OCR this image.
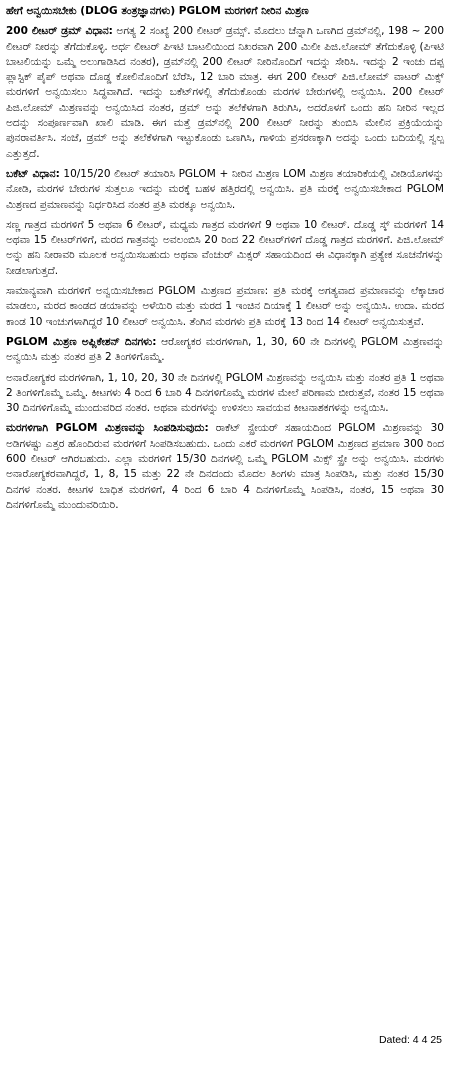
ಹೇಗೆ ಅನ್ವಯಿಸಬೇಕು (DLOG ತಂತ್ರಜ್ಞಾನಗಳು) PGLOM ಮರಗಳಿಗೆ ನೀರಿನ ಮಿಶ್ರಣ

200 ಲೀಟರ್ ಡ್ರಮ್ ವಿಧಾನ: ಅಗತ್ಯ 2 ಸಂಖ್ಯೆ 200 ಲೀಟರ್ ಡ್ರಮ್ಸ್. ಮೊದಲು ಚೆನ್ನಾಗಿ ಒಣಗಿದ ಡ್ರಮ್‌ನಲ್ಲಿ, 198 ~ 200 ಲೀಟರ್ ನೀರನ್ನು ತೆಗೆದುಕೊಳ್ಳಿ. ಅರ್ಧ ಲೀಟರ್ ಪಿಇಟಿ ಬಾಟಲಿಯಿಂದ ನಿಖರವಾಗಿ 200 ಮಿಲೀ ಪಿಜಿ.ಲೋಮ್ ತೆಗೆದುಕೊಳ್ಳಿ (ಪಿಇಟಿ ಬಾಟಲಿಯನ್ನು ಒಮ್ಮೆ ಅಲುಗಾಡಿಸಿದ ನಂತರ), ಡ್ರಮ್‌ನಲ್ಲಿ 200 ಲೀಟರ್ ನೀರಿನೊಂದಿಗೆ ಇದನ್ನು ಸೇರಿಸಿ. ಇದನ್ನು 2 ಇಂಚು ದಪ್ಪ ಪ್ಲಾಸ್ಟಿಕ್ ಪೈಪ್ ಅಥವಾ ದೊಡ್ಡ ಕೋಲಿನೊಂದಿಗೆ ಬೆರೆಸಿ, 12 ಬಾರಿ ಮಾತ್ರ. ಈಗ 200 ಲೀಟರ್ ಪಿಜಿ.ಲೋಮ್ ವಾಟರ್ ಮಿಕ್ಸ್ ಮರಗಳಿಗೆ ಅನ್ವಯಿಸಲು ಸಿದ್ಧವಾಗಿದೆ. ಇದನ್ನು ಬಕೆಟ್‌ಗಳಲ್ಲಿ ತೆಗೆದುಕೊಂಡು ಮರಗಳ ಬೇರುಗಳಲ್ಲಿ ಅನ್ವಯಿಸಿ. 200 ಲೀಟರ್ ಪಿಜಿ.ಲೋಮ್ ಮಿಶ್ರಣವನ್ನು ಅನ್ವಯಿಸಿದ ನಂತರ, ಡ್ರಮ್ ಅನ್ನು ತಲೆಕೆಳಗಾಗಿ ತಿರುಗಿಸಿ, ಅದರೊಳಗೆ ಒಂದು ಹನಿ ನೀರಿನ ಇಲ್ಲದ ಅದನ್ನು ಸಂಪೂರ್ಣವಾಗಿ ಖಾಲಿ ಮಾಡಿ. ಈಗ ಮತ್ತೆ ಡ್ರಮ್‌ನಲ್ಲಿ 200 ಲೀಟರ್ ನೀರನ್ನು ತುಂಬಿಸಿ ಮೇಲಿನ ಪ್ರಕ್ರಿಯೆಯನ್ನು ಪುನರಾವರ್ತಿಸಿ. ಸಂಜೆ, ಡ್ರಮ್ ಅನ್ನು ತಲೆಕೆಳಗಾಗಿ ಇಟ್ಟುಕೊಂಡು ಒಣಗಿಸಿ, ಗಾಳಿಯ ಪ್ರಸರಣಕ್ಕಾಗಿ ಅದನ್ನು ಒಂದು ಬದಿಯಲ್ಲಿ ಸ್ವಲ್ಪ ಎತ್ತುತ್ತದೆ.

ಬಕೆಟ್ ವಿಧಾನ: 10/15/20 ಲೀಟರ್ ತಯಾರಿಸಿ PGLOM + ನೀರಿನ ಮಿಶ್ರಣ LOM ಮಿಶ್ರಣ ತಯಾರಿಕೆಯಲ್ಲಿ ವೀಡಿಯೊಗಳನ್ನು ನೋಡಿ, ಮರಗಳ ಬೇರುಗಳ ಸುತ್ತಲೂ ಇದನ್ನು ಮರಕ್ಕೆ ಬಹಳ ಹತ್ತಿರದಲ್ಲಿ ಅನ್ವಯಿಸಿ. ಪ್ರತಿ ಮರಕ್ಕೆ ಅನ್ವಯಿಸಬೇಕಾದ PGLOM ಮಿಶ್ರಣದ ಪ್ರಮಾಣವನ್ನು ನಿರ್ಧರಿಸಿದ ನಂತರ ಪ್ರತಿ ಮರಕ್ಕೂ ಅನ್ವಯಿಸಿ.

ಸಣ್ಣ ಗಾತ್ರದ ಮರಗಳಿಗೆ 5 ಅಥವಾ 6 ಲೀಟರ್, ಮಧ್ಯಮ ಗಾತ್ರದ ಮರಗಳಿಗೆ 9 ಅಥವಾ 10 ಲೀಟರ್. ದೊಡ್ಡ ಸ್ಕ್ ಮರಗಳಿಗೆ 14 ಅಥವಾ 15 ಲೀಟರ್‌ಗಳಿಗೆ, ಮರದ ಗಾತ್ರವನ್ನು ಅವಲಂಬಿಸಿ 20 ರಿಂದ 22 ಲೀಟರ್‌ಗಳಿಗೆ ದೊಡ್ಡ ಗಾತ್ರದ ಮರಗಳಿಗೆ. ಪಿಜಿ.ಲೋಮ್ ಅನ್ನು ಹನಿ ನೀರಾವರಿ ಮೂಲಕ ಅನ್ವಯಿಸಬಹುದು ಅಥವಾ ವೆಂಚುರ್ ಮಿಕ್ಸರ್ ಸಹಾಯದಿಂದ ಈ ವಿಧಾನಕ್ಕಾಗಿ ಪ್ರತ್ಯೇಕ ಸೂಚನೆಗಳನ್ನು ನೀಡಲಾಗುತ್ತದೆ.

ಸಾಮಾನ್ಯವಾಗಿ ಮರಗಳಿಗೆ ಅನ್ವಯಿಸಬೇಕಾದ PGLOM ಮಿಶ್ರಣದ ಪ್ರಮಾಣ: ಪ್ರತಿ ಮರಕ್ಕೆ ಅಗತ್ಯವಾದ ಪ್ರಮಾಣವನ್ನು ಲೆಕ್ಕಾಚಾರ ಮಾಡಲು, ಮರದ ಕಾಂಡದ ಡಯಾವನ್ನು ಅಳೆಯಿರಿ ಮತ್ತು ಮರದ 1 ಇಂಚಿನ ದಿಯಾಕ್ಕೆ 1 ಲೀಟರ್ ಅನ್ನು ಅನ್ವಯಿಸಿ. ಉದಾ. ಮರದ ಕಾಂಡ 10 ಇಂಚುಗಳಾಗಿದ್ದರೆ 10 ಲೀಟರ್ ಅನ್ವಯಿಸಿ. ತೆಂಗಿನ ಮರಗಳು ಪ್ರತಿ ಮರಕ್ಕೆ 13 ರಿಂದ 14 ಲೀಟರ್ ಅನ್ವಯಿಸುತ್ತವೆ.

PGLOM ಮಿಶ್ರಣ ಅಪ್ಲಿಕೇಶನ್ ದಿನಗಳು: ಆರೋಗ್ಯಕರ ಮರಗಳಿಗಾಗಿ, 1, 30, 60 ನೇ ದಿನಗಳಲ್ಲಿ PGLOM ಮಿಶ್ರಣವನ್ನು ಅನ್ವಯಿಸಿ ಮತ್ತು ನಂತರ ಪ್ರತಿ 2 ತಿಂಗಳಿಗೊಮ್ಮೆ.

ಅನಾರೋಗ್ಯಕರ ಮರಗಳಿಗಾಗಿ, 1, 10, 20, 30 ನೇ ದಿನಗಳಲ್ಲಿ PGLOM ಮಿಶ್ರಣವನ್ನು ಅನ್ವಯಿಸಿ ಮತ್ತು ನಂತರ ಪ್ರತಿ 1 ಅಥವಾ 2 ತಿಂಗಳಿಗೊಮ್ಮೆ ಒಮ್ಮೆ. ಕೀಟಗಳು 4 ರಿಂದ 6 ಬಾರಿ 4 ದಿನಗಳಿಗೊಮ್ಮೆ ಮರಗಳ ಮೇಲೆ ಪರಿಣಾಮ ಬೀರುತ್ತವೆ, ನಂತರ 15 ಅಥವಾ 30 ದಿನಗಳಿಗೊಮ್ಮೆ ಮುಂದುವರಿದ ನಂತರ. ಅಥವಾ ಮರಗಳನ್ನು ಉಳಿಸಲು ಸಾವಯವ ಕೀಟನಾಶಕಗಳನ್ನು ಅನ್ವಯಿಸಿ.

ಮರಗಳಿಗಾಗಿ PGLOM ಮಿಶ್ರಣವನ್ನು ಸಿಂಪಡಿಸುವುದು: ರಾಕೆಟ್ ಸ್ಪ್ರೇಯರ್ ಸಹಾಯದಿಂದ PGLOM ಮಿಶ್ರಣವನ್ನು 30 ಅಡಿಗಳಷ್ಟು ಎತ್ತರ ಹೊಂದಿರುವ ಮರಗಳಿಗೆ ಸಿಂಪಡಿಸಬಹುದು. ಒಂದು ಎಕರೆ ಮರಗಳಿಗೆ PGLOM ಮಿಶ್ರಣದ ಪ್ರಮಾಣ 300 ರಿಂದ 600 ಲೀಟರ್ ಆಗಿರಬಹುದು. ಎಲ್ಲಾ ಮರಗಳಿಗೆ 15/30 ದಿನಗಳಲ್ಲಿ ಒಮ್ಮೆ PGLOM ಮಿಕ್ಸ್ ಸ್ಪ್ರೇ ಅನ್ನು ಅನ್ವಯಿಸಿ. ಮರಗಳು ಅನಾರೋಗ್ಯಕರವಾಗಿದ್ದರೆ, 1, 8, 15 ಮತ್ತು 22 ನೇ ದಿನದಂದು ಮೊದಲ ತಿಂಗಳು ಮಾತ್ರ ಸಿಂಪಡಿಸಿ, ಮತ್ತು ನಂತರ 15/30 ದಿನಗಳ ನಂತರ. ಕೀಟಗಳ ಬಾಧಿತ ಮರಗಳಿಗೆ, 4 ರಿಂದ 6 ಬಾರಿ 4 ದಿನಗಳಿಗೊಮ್ಮೆ ಸಿಂಪಡಿಸಿ, ನಂತರ, 15 ಅಥವಾ 30 ದಿನಗಳಿಗೊಮ್ಮೆ ಮುಂದುವರಿಯಿರಿ.

Dated: 4 4 25
